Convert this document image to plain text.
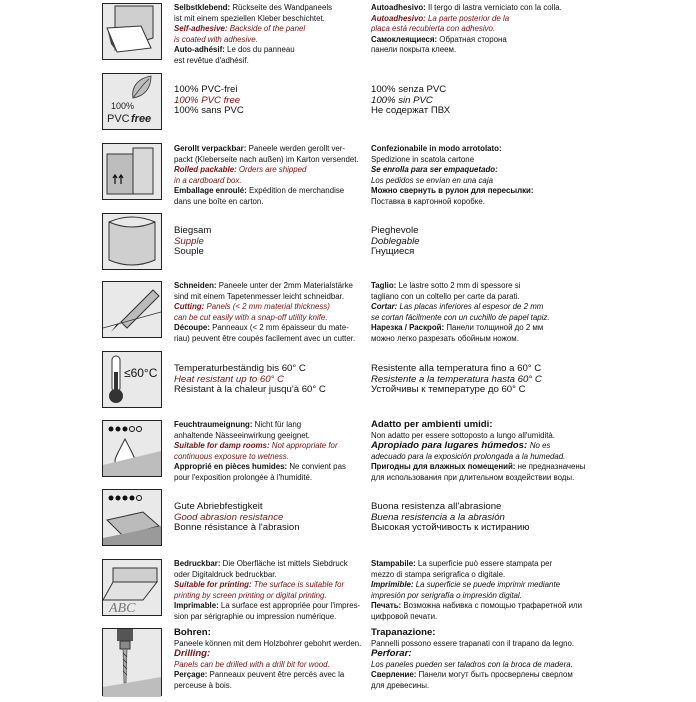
Selbstklebend: Rückseite des Wandpaneels
ist mit einem speziellen Kleber beschichtet.
Self-adhesive: Backside of the panel
is coated with adhesive.
Auto-adhésif: Le dos du panneau
est revêtue d'adhésif.
Autoadhesivo: Il tergo di lastra verniciato con la colla.
Autoadhesivo: La parte posterior de la
placa está recubierta con adhesivo.
Самоклеящиеся: Обратная сторона
панели покрыта клеем.
100%
PVC free
100% PVC-frei
100% PVC free
100% sans PVC
100% senza PVC
100% sin PVC
Не содержат ПВХ
Gerollt verpackbar: Paneele werden gerollt ver-
packt (Kleberseite nach außen) im Karton versendet.
Rolled packable: Orders are shipped
in a cardboard box.
Emballage enroulé: Expédition de merchandise
dans une boîte en carton.
Confezionabile in modo arrotolato:
Spedizione in scatola cartone
Se enrolla para ser empaquetado:
Los pedidos se envían en una caja
Можно свернуть в рулон для пересылки:
Поставка в картонной коробке.
Biegsam
Supple
Souple
Pieghevole
Doblegable
Гнущиеся
Schneiden: Paneele unter der 2mm Materialstärke
sind mit einem Tapetenmesser leicht schneidbar.
Cutting: Panels (< 2 mm material thickness)
can be cut easily with a snap-off utility knife.
Découpe: Panneaux (< 2 mm épaisseur du mate-
riau) peuvent être coupés facilement avec un cutter.
Taglio: Le lastre sotto 2 mm di spessore si
tagliano con un coltello per carte da parati.
Cortar: Las placas inferiores al espesor de 2 mm
se cortan fácilmente con un cuchillo de papel tapiz.
Нарезка / Раскрой: Панели толщиной до 2 мм
можно легко разрезать обойным ножом.
≤60°C Temperaturbeständig bis 60° C
Heat resistant up to 60° C
Résistant à la chaleur jusqu'à 60° C
Resistente alla temperatura fino a 60° C
Resistente a la temperatura hasta 60° C
Устойчивы к температуре до 60° C
Feuchtraumeignung: Nicht für lang
anhaltende Nässeeinwirkung geeignet.
Suitable for damp rooms: Not appropriate for
continuous exposure to wetness.
Approprié en pièces humides: Ne convient pas
pour l'exposition prolongée à l'humidité.
Adatto per ambienti umidi:
Non adatto per essere sottoposto a lungo all'umidità.
Apropiado para lugares húmedos: No es
adecuado para la exposición prolongada a la humedad.
Пригодны для влажных помещений: не предназначены
для использования при длительном воздействии воды.
Gute Abriebfestigkeit
Good abrasion resistance
Bonne résistance à l'abrasion
Buona resistenza all'abrasione
Buena resistencia a la abrasión
Высокая устойчивость к истиранию
ABC
Bedruckbar: Die Oberfläche ist mittels Siebdruck
oder Digitaldruck bedruckbar.
Suitable for printing: The surface is suitable for
printing by screen printing or digital printing.
Imprimable: La surface est appropriée pour l'impres-
sion par sérigraphie ou impression numérique.
Stampabile: La superficie può essere stampata per
mezzo di stampa serigrafica o digitale.
Imprimible: La superficie se puede imprimir mediante
impresión por serigrafía o impresión digital.
Печать: Возможна набивка с помощью трафаретной или
цифровой печати.
Bohren:
Paneele können mit dem Holzbohrer gebohrt werden.
Drilling:
Panels can be drilled with a drill bit for wood.
Perçage: Panneaux peuvent être percés avec la
perceuse à bois.
Trapanazione:
Pannelli possono essere trapanati con il trapano da legno.
Perforar:
Los paneles pueden ser taladros con la broca de madera.
Сверление: Панели могут быть просверлены сверлом
для древесины.
